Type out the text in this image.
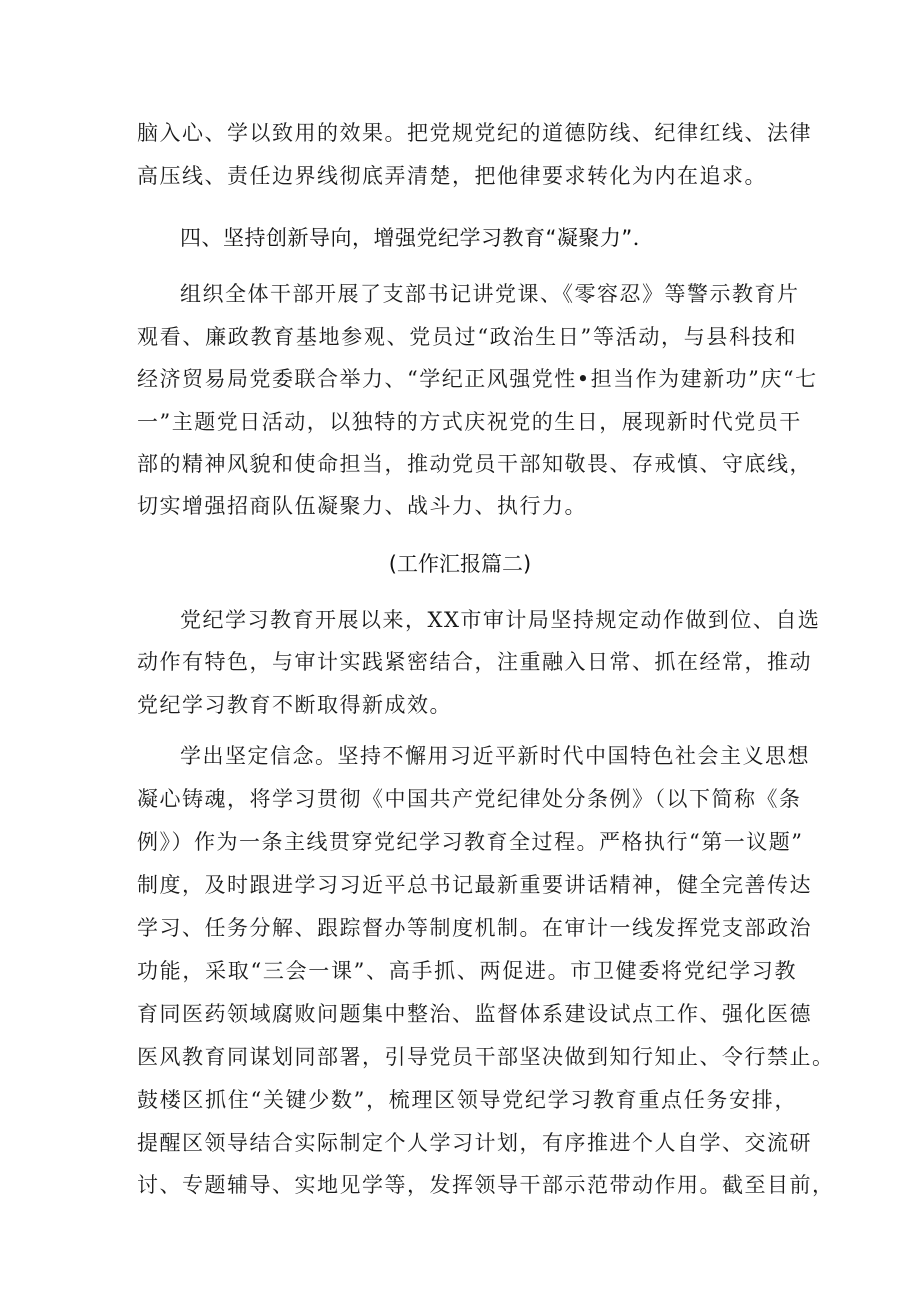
脑入心、学以致用的效果。把党规党纪的道德防线、纪律红线、法律
高压线、责任边界线彻底弄清楚，把他律要求转化为内在追求。
四、坚持创新导向，增强党纪学习教育“凝聚力”．
组织全体干部开展了支部书记讲党课、《零容忍》等警示教育片
观看、廉政教育基地参观、党员过“政治生日”等活动，与县科技和
经济贸易局党委联合举力、“学纪正风强党性•担当作为建新功”庆“七
一”主题党日活动，以独特的方式庆祝党的生日，展现新时代党员干
部的精神风貌和使命担当，推动党员干部知敬畏、存戒慎、守底线，
切实增强招商队伍凝聚力、战斗力、执行力。
(工作汇报篇二)
党纪学习教育开展以来，XX市审计局坚持规定动作做到位、自选
动作有特色，与审计实践紧密结合，注重融入日常、抓在经常，推动
党纪学习教育不断取得新成效。
学出坚定信念。坚持不懈用习近平新时代中国特色社会主义思想
凝心铸魂，将学习贯彻《中国共产党纪律处分条例》（以下简称《条
例》）作为一条主线贯穿党纪学习教育全过程。严格执行“第一议题”
制度，及时跟进学习习近平总书记最新重要讲话精神，健全完善传达
学习、任务分解、跟踪督办等制度机制。在审计一线发挥党支部政治
功能，采取“三会一课”、高手抓、两促进。市卫健委将党纪学习教
育同医药领域腐败问题集中整治、监督体系建设试点工作、强化医德
医风教育同谋划同部署，引导党员干部坚决做到知行知止、令行禁止。
鼓楼区抓住“关键少数”，梳理区领导党纪学习教育重点任务安排，
提醒区领导结合实际制定个人学习计划，有序推进个人自学、交流研
讨、专题辅导、实地见学等，发挥领导干部示范带动作用。截至目前，
